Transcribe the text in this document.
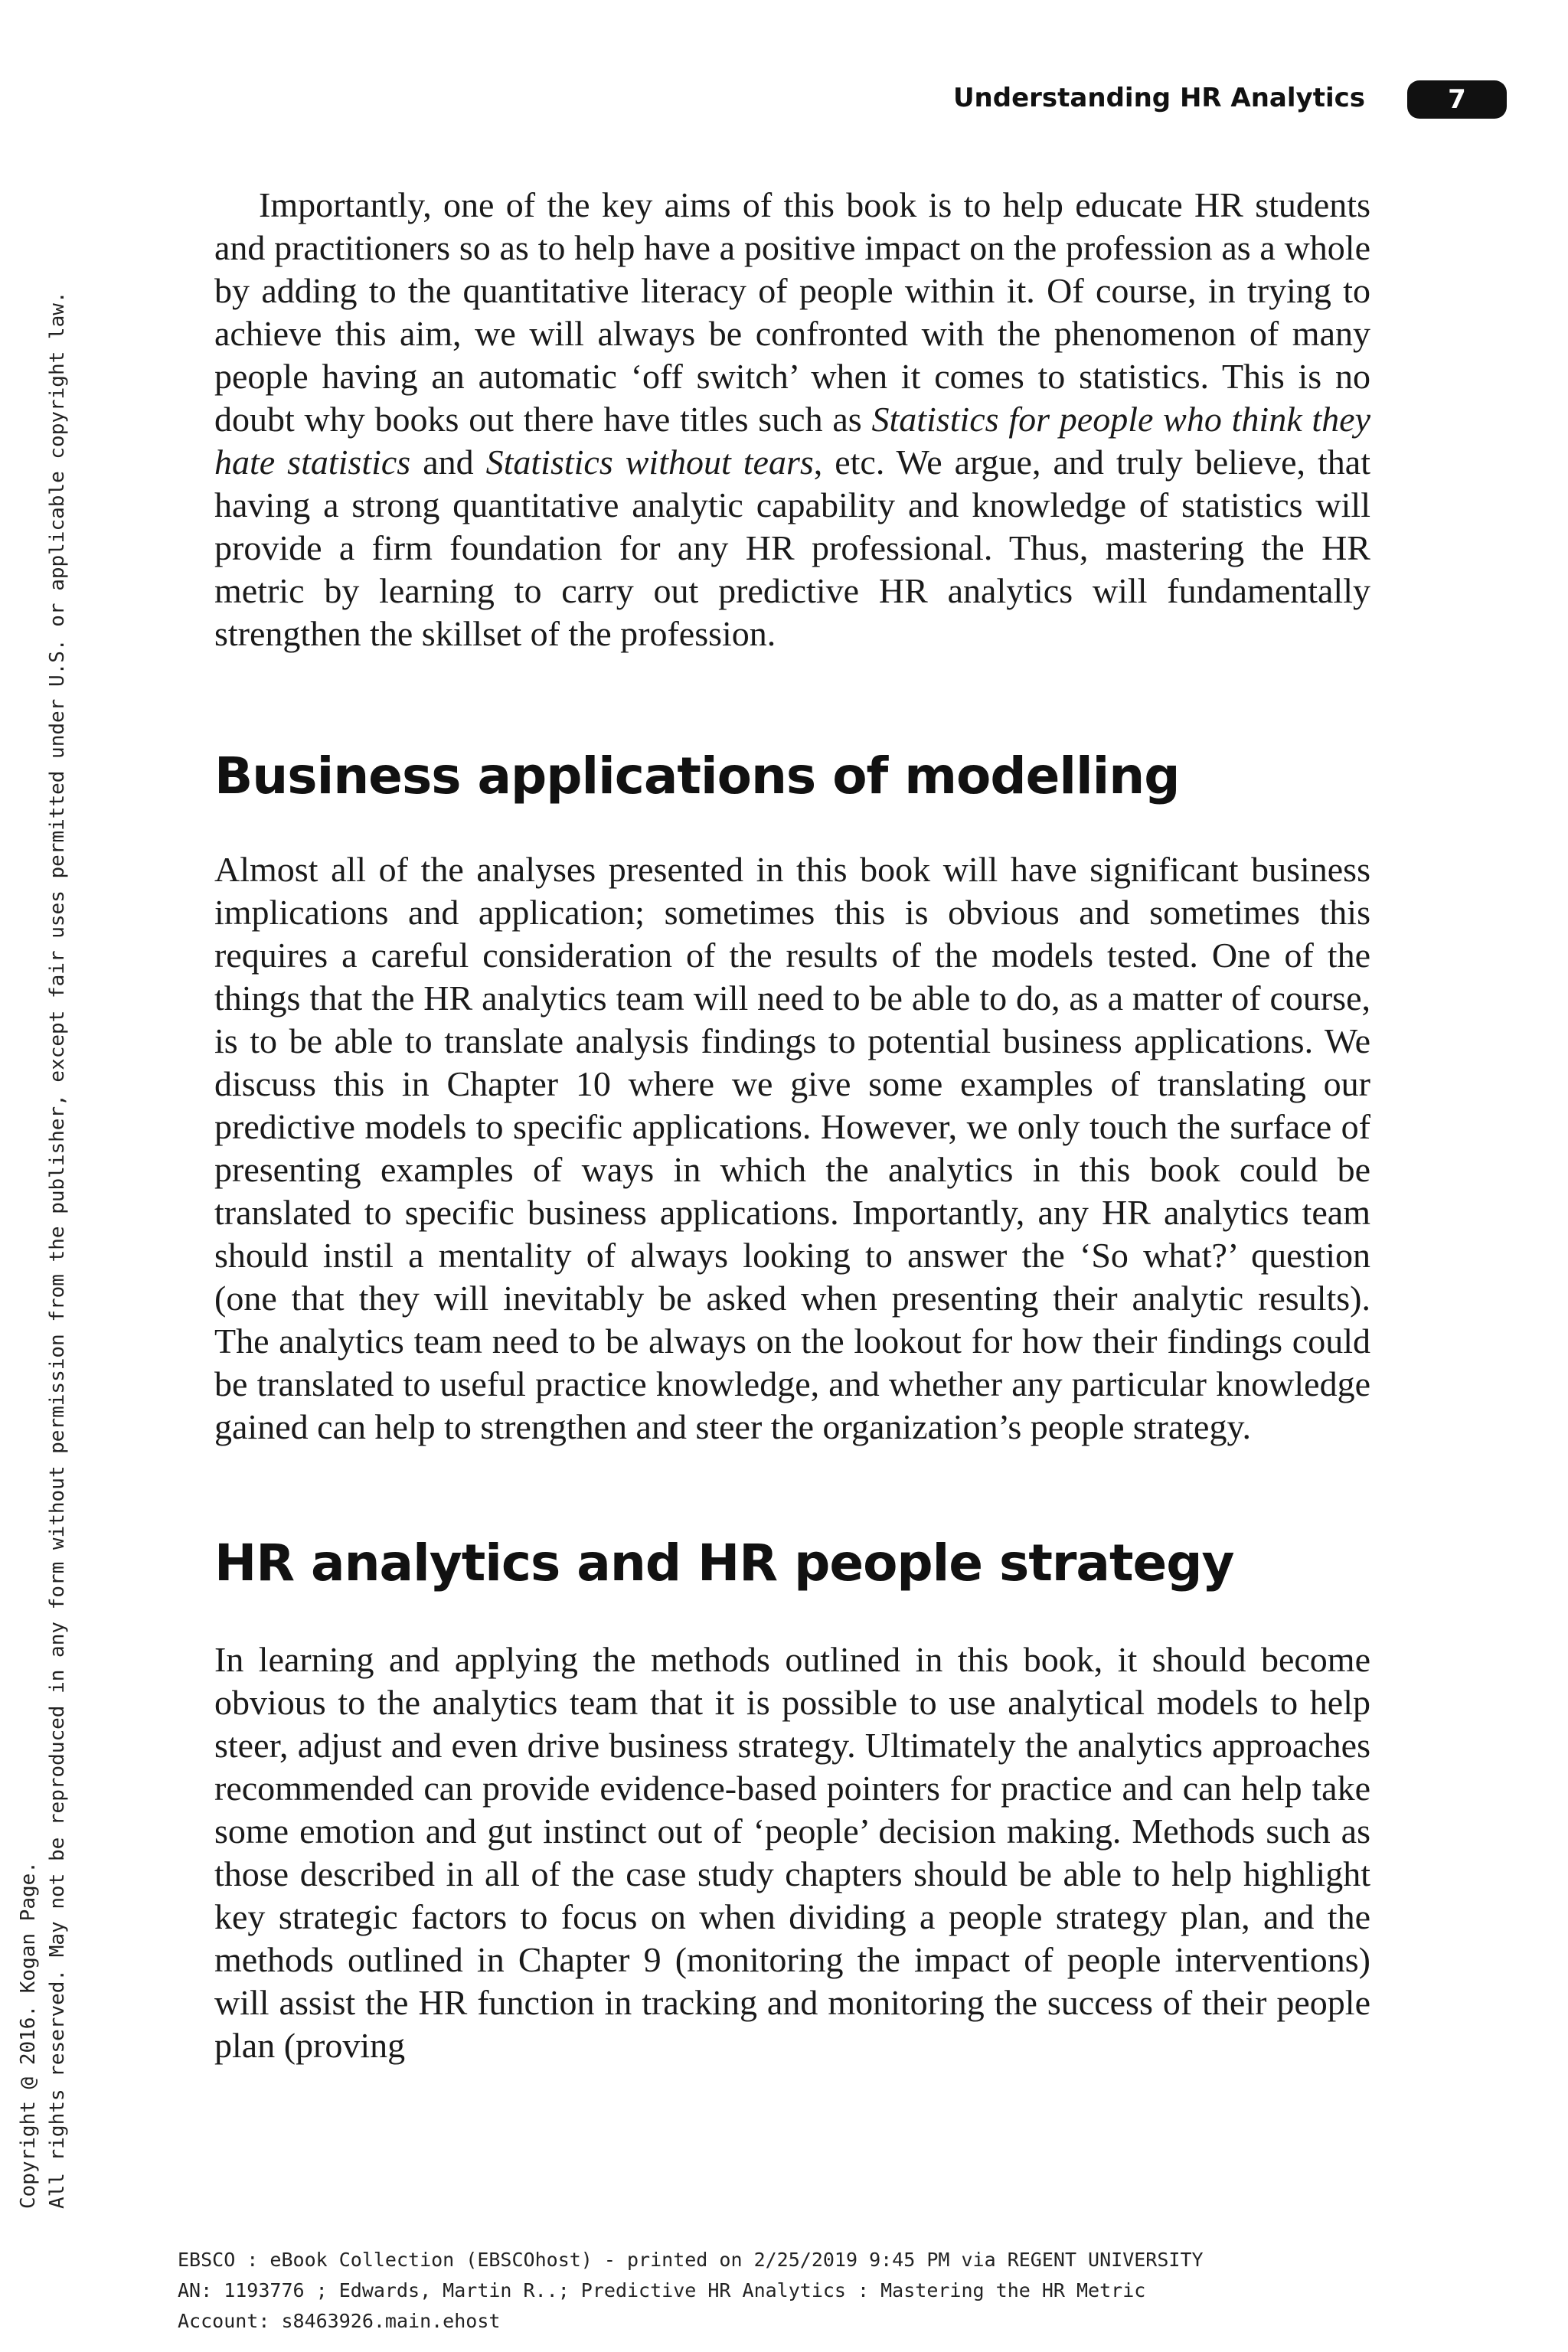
Understanding HR Analytics	7

Importantly, one of the key aims of this book is to help educate HR students and practitioners so as to help have a positive impact on the profession as a whole by adding to the quantitative literacy of people within it. Of course, in trying to achieve this aim, we will always be confronted with the phenomenon of many people having an automatic ‘off switch’ when it comes to statistics. This is no doubt why books out there have titles such as Statistics for people who think they hate statistics and Statistics without tears, etc. We argue, and truly believe, that having a strong quantitative analytic capability and knowledge of statistics will provide a firm foundation for any HR professional. Thus, mastering the HR metric by learning to carry out predictive HR analytics will fundamentally strengthen the skillset of the profession.

Business applications of modelling

Almost all of the analyses presented in this book will have significant business implications and application; sometimes this is obvious and sometimes this requires a careful consideration of the results of the models tested. One of the things that the HR analytics team will need to be able to do, as a matter of course, is to be able to translate analysis findings to potential business applications. We discuss this in Chapter 10 where we give some examples of translating our predictive models to specific applications. However, we only touch the surface of presenting examples of ways in which the analytics in this book could be translated to specific business applications. Importantly, any HR analytics team should instil a mentality of always looking to answer the ‘So what?’ question (one that they will inevitably be asked when presenting their analytic results). The analytics team need to be always on the lookout for how their findings could be translated to useful practice knowledge, and whether any particular knowledge gained can help to strengthen and steer the organization’s people strategy.

HR analytics and HR people strategy

In learning and applying the methods outlined in this book, it should become obvious to the analytics team that it is possible to use analytical models to help steer, adjust and even drive business strategy. Ultimately the analytics approaches recommended can provide evidence-based pointers for practice and can help take some emotion and gut instinct out of ‘people’ decision making. Methods such as those described in all of the case study chapters should be able to help highlight key strategic factors to focus on when dividing a people strategy plan, and the methods outlined in Chapter 9 (monitoring the impact of people interventions) will assist the HR function in tracking and monitoring the success of their people plan (proving

Copyright @ 2016. Kogan Page. All rights reserved. May not be reproduced in any form without permission from the publisher, except fair uses permitted under U.S. or applicable copyright law.
EBSCO : eBook Collection (EBSCOhost) - printed on 2/25/2019 9:45 PM via REGENT UNIVERSITY
AN: 1193776 ; Edwards, Martin R..; Predictive HR Analytics : Mastering the HR Metric
Account: s8463926.main.ehost
